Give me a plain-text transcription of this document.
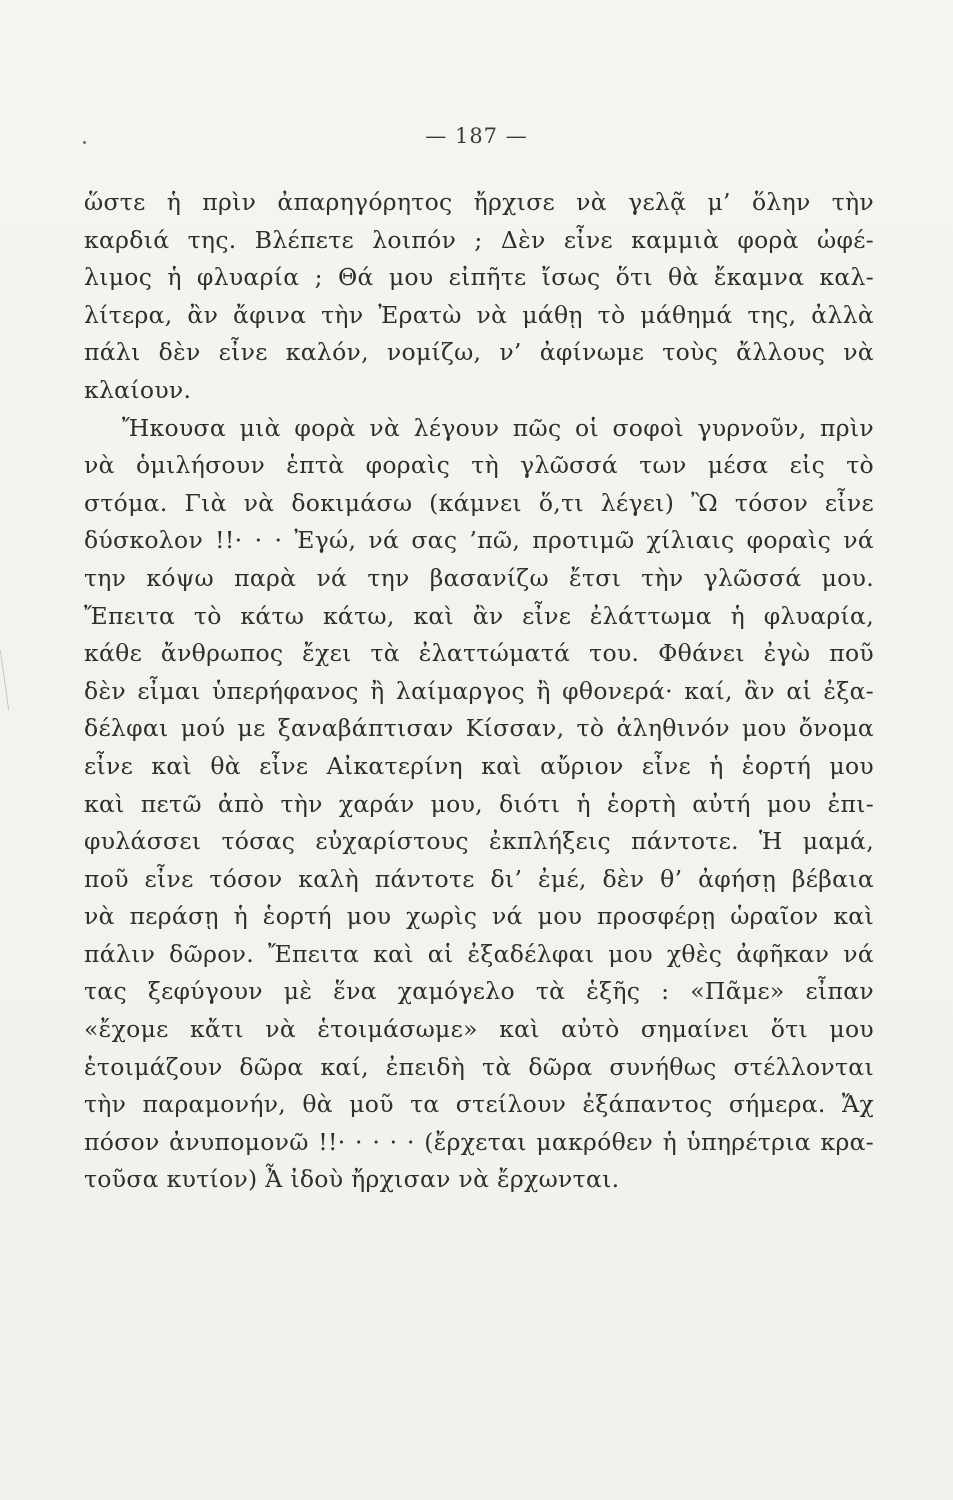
— 187 —
ὥστε ἡ πρὶν ἀπαρηγόρητος ἤρχισε νὰ γελᾷ μ’ ὅλην τὴν
καρδιά της. Βλέπετε λοιπόν ; Δὲν εἶνε καμμιὰ φορὰ ὠφέ-
λιμος ἡ φλυαρία ; Θά μου εἰπῆτε ἴσως ὅτι θὰ ἔκαμνα καλ-
λίτερα, ἂν ἄφινα τὴν Ἐρατὼ νὰ μάθῃ τὸ μάθημά της, ἀλλὰ
πάλι δὲν εἶνε καλόν, νομίζω, ν’ ἀφίνωμε τοὺς ἄλλους νὰ
κλαίουν.
Ἤκουσα μιὰ φορὰ νὰ λέγουν πῶς οἱ σοφοὶ γυρνοῦν, πρὶν
νὰ ὁμιλήσουν ἑπτὰ φοραὶς τὴ γλῶσσά των μέσα εἰς τὸ
στόμα. Γιὰ νὰ δοκιμάσω (κάμνει ὅ,τι λέγει) Ὢ τόσον εἶνε
δύσκολον !!· · · Ἐγώ, νά σας ’πῶ, προτιμῶ χίλιαις φοραὶς νά
την κόψω παρὰ νά την βασανίζω ἔτσι τὴν γλῶσσά μου.
Ἔπειτα τὸ κάτω κάτω, καὶ ἂν εἶνε ἐλάττωμα ἡ φλυαρία,
κάθε ἄνθρωπος ἔχει τὰ ἐλαττώματά του. Φθάνει ἐγὼ ποῦ
δὲν εἶμαι ὑπερήφανος ἢ λαίμαργος ἢ φθονερά· καί, ἂν αἱ ἐξα-
δέλφαι μού με ξαναβάπτισαν Κίσσαν, τὸ ἀληθινόν μου ὄνομα
εἶνε καὶ θὰ εἶνε Αἰκατερίνη καὶ αὔριον εἶνε ἡ ἑορτή μου
καὶ πετῶ ἀπὸ τὴν χαράν μου, διότι ἡ ἑορτὴ αὐτή μου ἐπι-
φυλάσσει τόσας εὐχαρίστους ἐκπλήξεις πάντοτε. Ἡ μαμά,
ποῦ εἶνε τόσον καλὴ πάντοτε δι’ ἐμέ, δὲν θ’ ἀφήσῃ βέβαια
νὰ περάσῃ ἡ ἑορτή μου χωρὶς νά μου προσφέρῃ ὡραῖον καὶ
πάλιν δῶρον. Ἔπειτα καὶ αἱ ἐξαδέλφαι μου χθὲς ἀφῆκαν νά
τας ξεφύγουν μὲ ἕνα χαμόγελο τὰ ἑξῆς : «Πᾶμε» εἶπαν
«ἔχομε κἄτι νὰ ἑτοιμάσωμε» καὶ αὐτὸ σημαίνει ὅτι μου
ἑτοιμάζουν δῶρα καί, ἐπειδὴ τὰ δῶρα συνήθως στέλλονται
τὴν παραμονήν, θὰ μοῦ τα στείλουν ἐξάπαντος σήμερα. Ἄχ
πόσον ἀνυπομονῶ !!· · · · · (ἔρχεται μακρόθεν ἡ ὑπηρέτρια κρα-
τοῦσα κυτίον) Ἆ ἰδοὺ ἤρχισαν νὰ ἔρχωνται.
